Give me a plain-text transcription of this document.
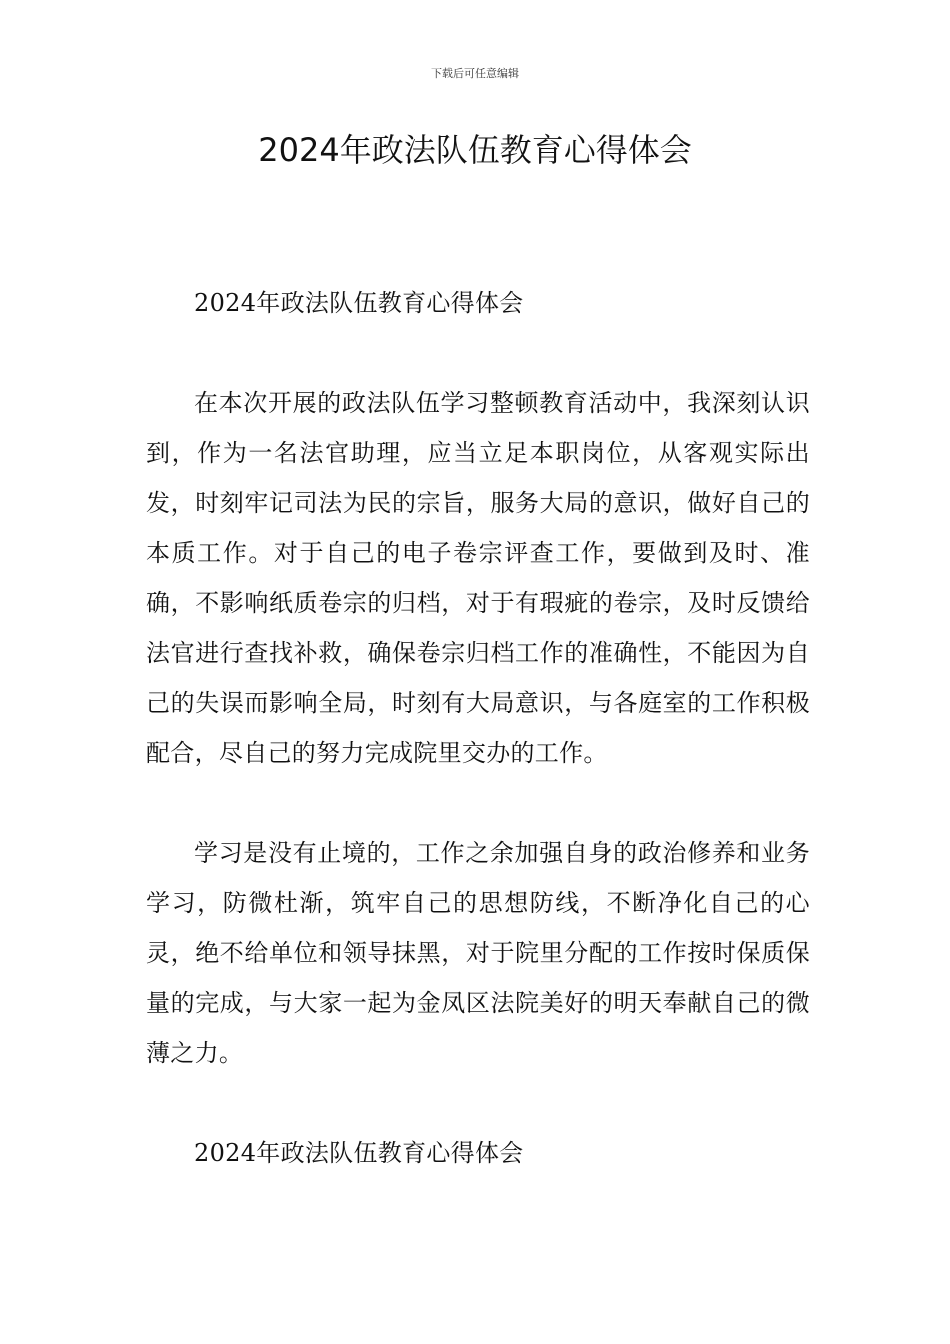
下载后可任意编辑
2024年政法队伍教育心得体会

2024年政法队伍教育心得体会

在本次开展的政法队伍学习整顿教育活动中，我深刻认识到，作为一名法官助理，应当立足本职岗位，从客观实际出发，时刻牢记司法为民的宗旨，服务大局的意识，做好自己的本质工作。对于自己的电子卷宗评查工作，要做到及时、准确，不影响纸质卷宗的归档，对于有瑕疵的卷宗，及时反馈给法官进行查找补救，确保卷宗归档工作的准确性，不能因为自己的失误而影响全局，时刻有大局意识，与各庭室的工作积极配合，尽自己的努力完成院里交办的工作。

学习是没有止境的，工作之余加强自身的政治修养和业务学习，防微杜渐，筑牢自己的思想防线，不断净化自己的心灵，绝不给单位和领导抹黑，对于院里分配的工作按时保质保量的完成，与大家一起为金凤区法院美好的明天奉献自己的微薄之力。

2024年政法队伍教育心得体会
